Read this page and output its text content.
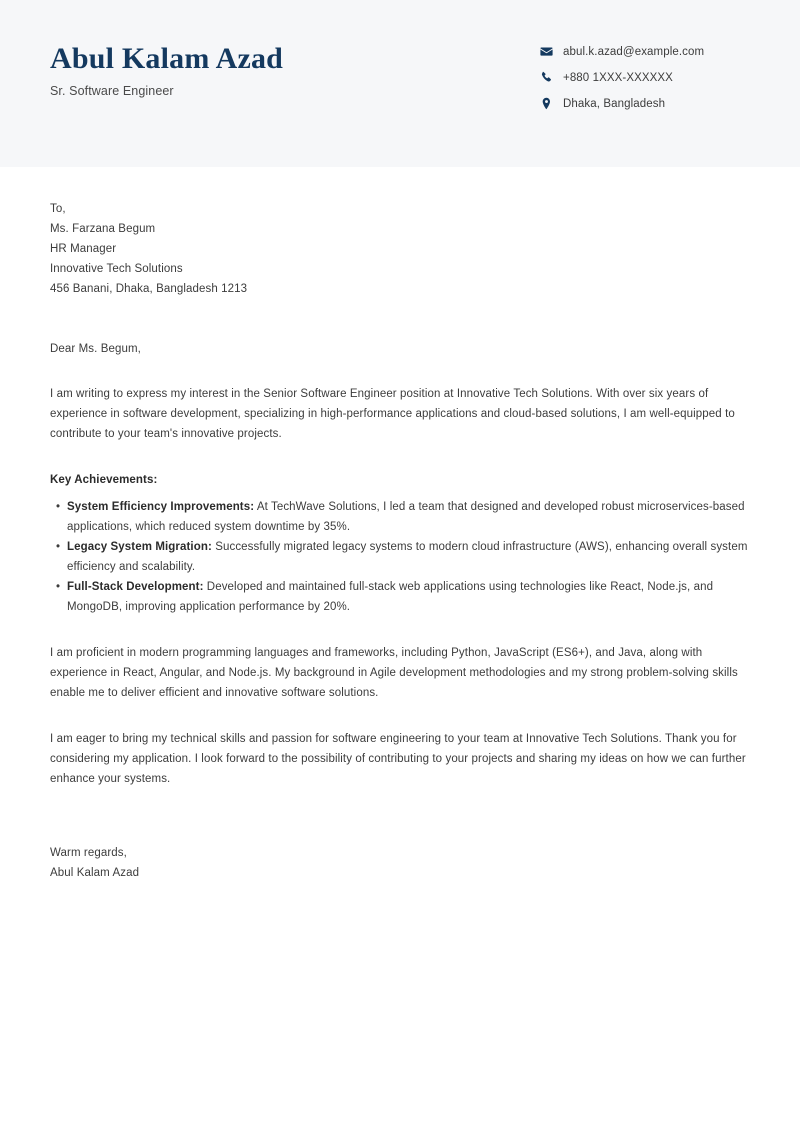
Abul Kalam Azad
Sr. Software Engineer
abul.k.azad@example.com
+880 1XXX-XXXXXX
Dhaka, Bangladesh
To,
Ms. Farzana Begum
HR Manager
Innovative Tech Solutions
456 Banani, Dhaka, Bangladesh 1213
Dear Ms. Begum,
I am writing to express my interest in the Senior Software Engineer position at Innovative Tech Solutions. With over six years of experience in software development, specializing in high-performance applications and cloud-based solutions, I am well-equipped to contribute to your team's innovative projects.
Key Achievements:
• System Efficiency Improvements: At TechWave Solutions, I led a team that designed and developed robust microservices-based applications, which reduced system downtime by 35%.
• Legacy System Migration: Successfully migrated legacy systems to modern cloud infrastructure (AWS), enhancing overall system efficiency and scalability.
• Full-Stack Development: Developed and maintained full-stack web applications using technologies like React, Node.js, and MongoDB, improving application performance by 20%.
I am proficient in modern programming languages and frameworks, including Python, JavaScript (ES6+), and Java, along with experience in React, Angular, and Node.js. My background in Agile development methodologies and my strong problem-solving skills enable me to deliver efficient and innovative software solutions.
I am eager to bring my technical skills and passion for software engineering to your team at Innovative Tech Solutions. Thank you for considering my application. I look forward to the possibility of contributing to your projects and sharing my ideas on how we can further enhance your systems.
Warm regards,
Abul Kalam Azad
